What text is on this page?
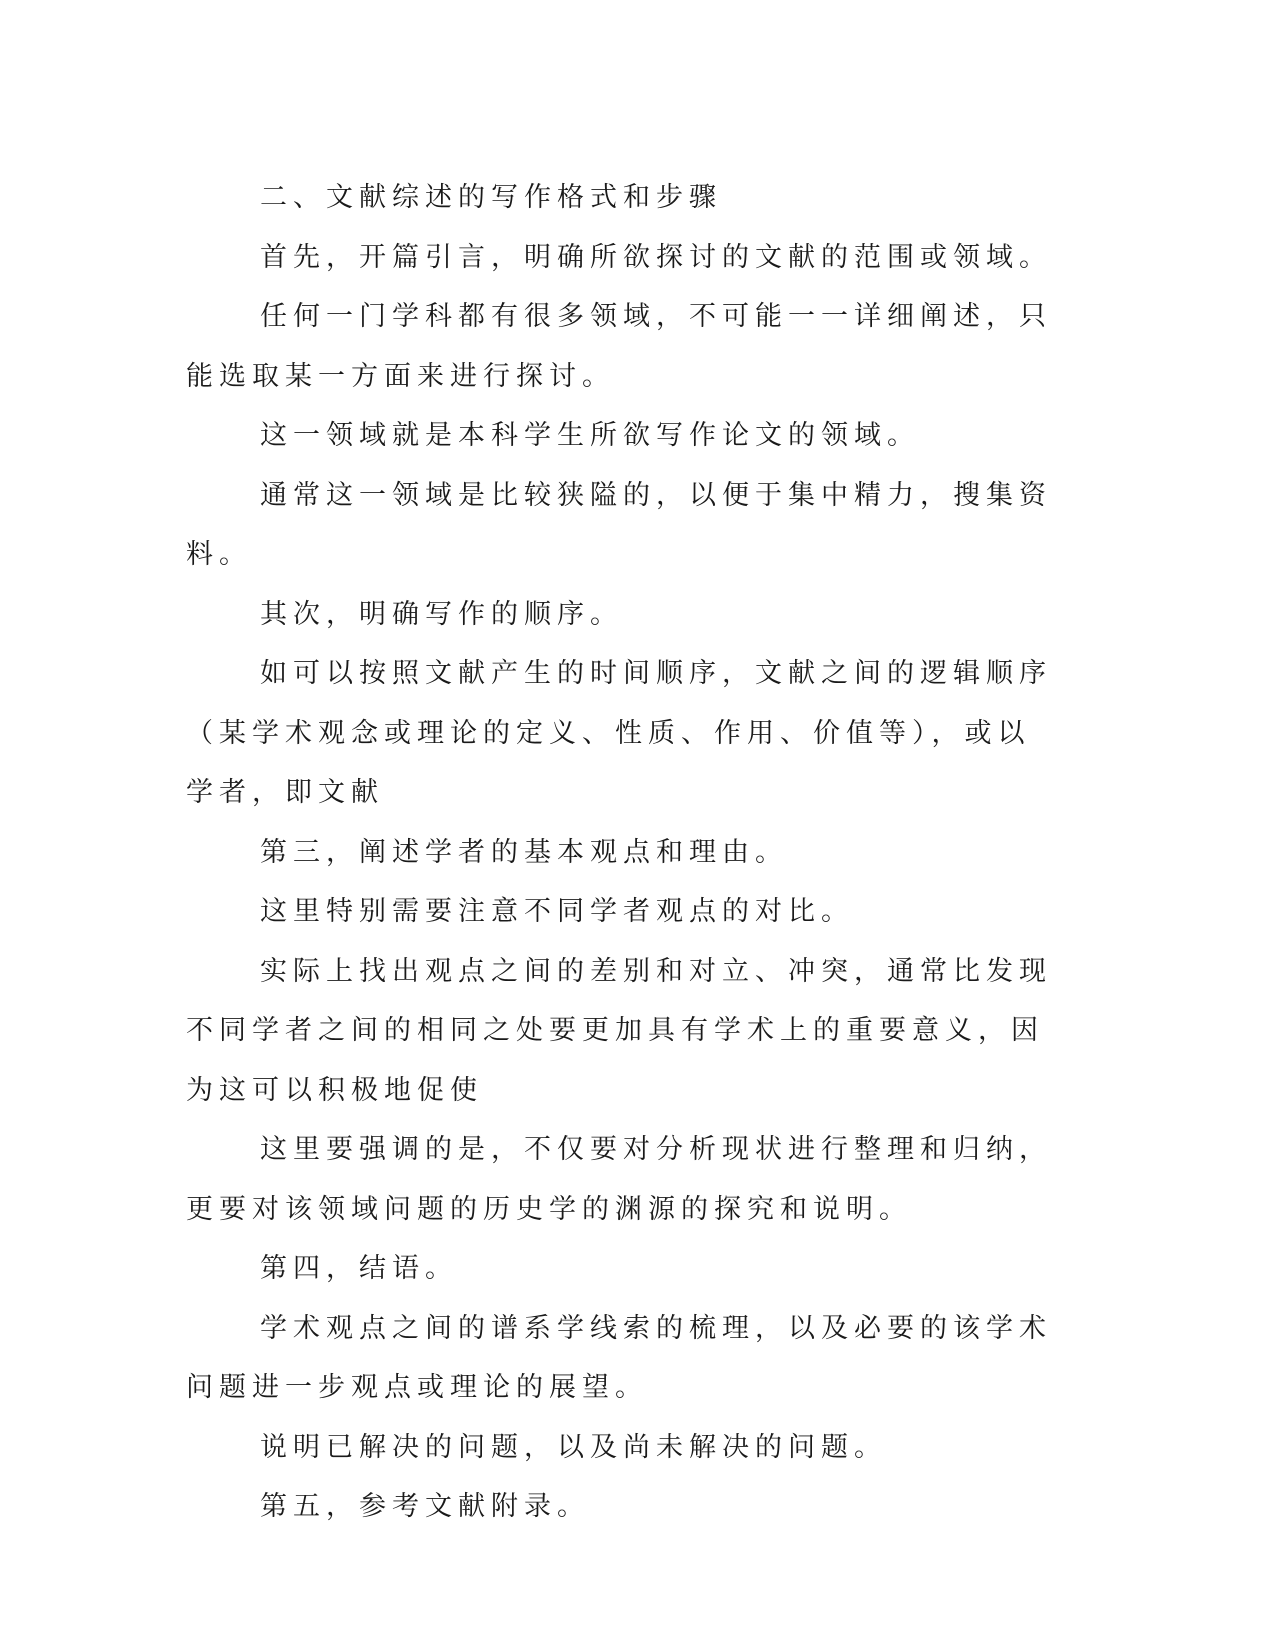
二、文献综述的写作格式和步骤

首先，开篇引言，明确所欲探讨的文献的范围或领域。

任何一门学科都有很多领域，不可能一一详细阐述，只能选取某一方面来进行探讨。

这一领域就是本科学生所欲写作论文的领域。

通常这一领域是比较狭隘的，以便于集中精力，搜集资料。

其次，明确写作的顺序。

如可以按照文献产生的时间顺序，文献之间的逻辑顺序（某学术观念或理论的定义、性质、作用、价值等），或以学者，即文献

第三，阐述学者的基本观点和理由。

这里特别需要注意不同学者观点的对比。

实际上找出观点之间的差别和对立、冲突，通常比发现不同学者之间的相同之处要更加具有学术上的重要意义，因为这可以积极地促使

这里要强调的是，不仅要对分析现状进行整理和归纳，更要对该领域问题的历史学的渊源的探究和说明。

第四，结语。

学术观点之间的谱系学线索的梳理，以及必要的该学术问题进一步观点或理论的展望。

说明已解决的问题，以及尚未解决的问题。

第五，参考文献附录。
